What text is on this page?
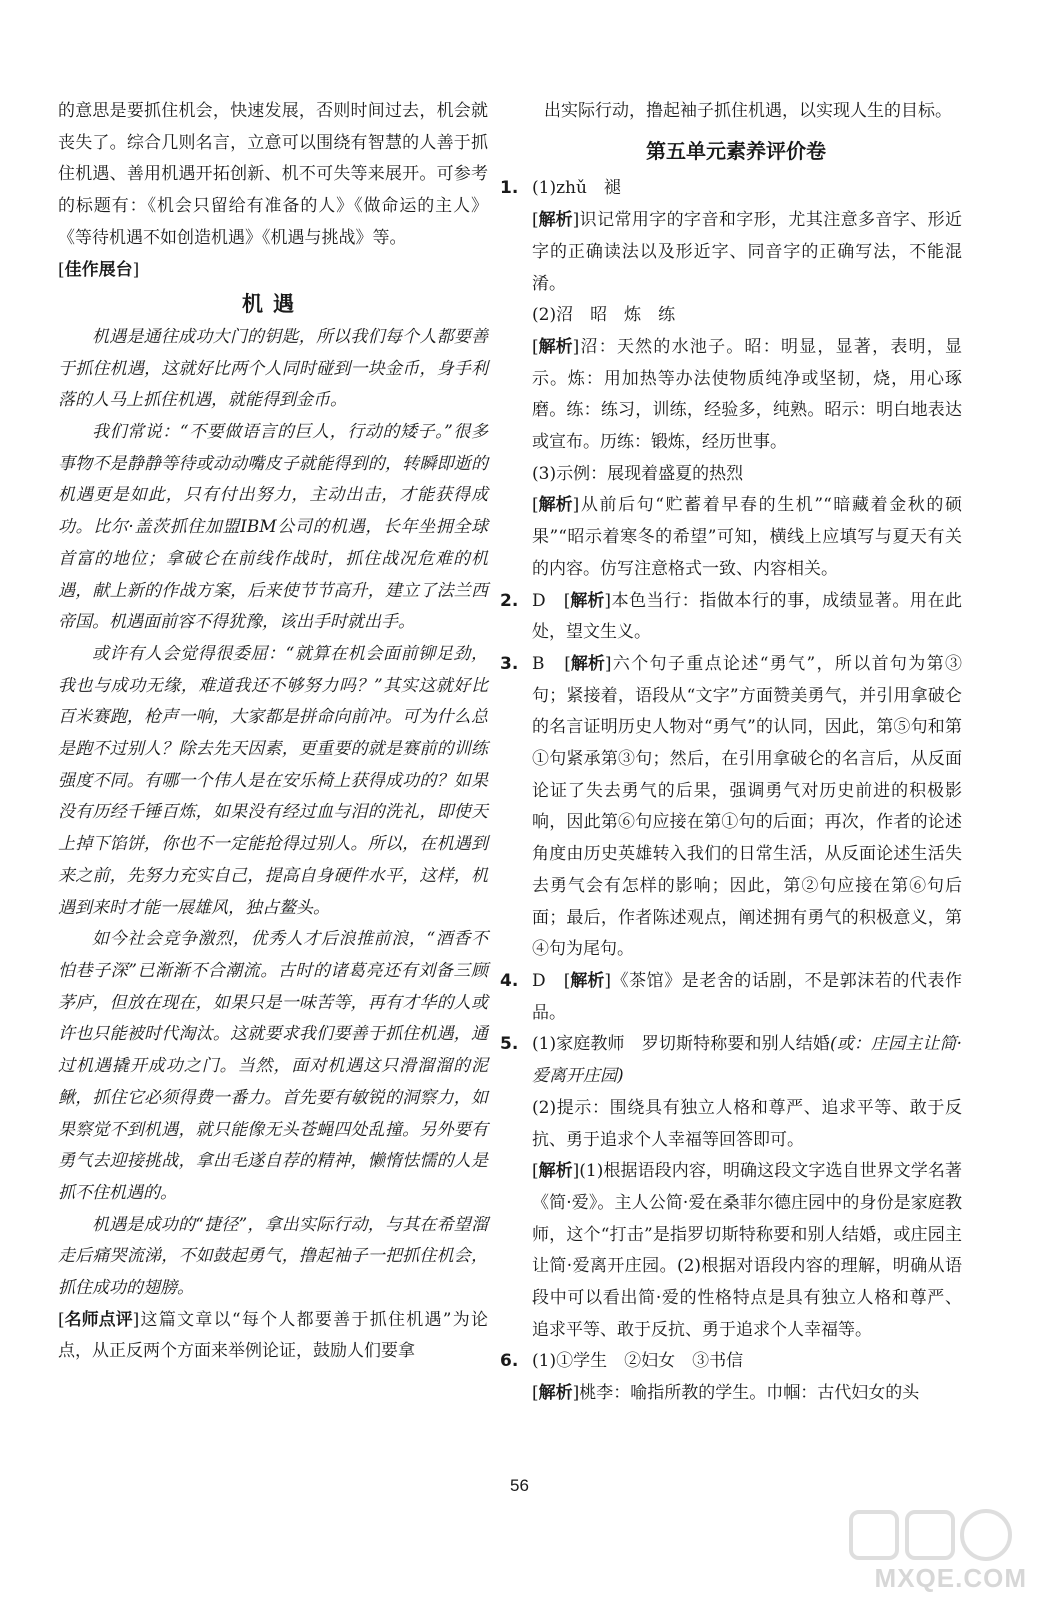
的意思是要抓住机会，快速发展，否则时间过去，机会就丧失了。综合几则名言，立意可以围绕有智慧的人善于抓住机遇、善用机遇开拓创新、机不可失等来展开。可参考的标题有：《机会只留给有准备的人》《做命运的主人》《等待机遇不如创造机遇》《机遇与挑战》等。

[ 佳作展台 ]

机遇

机遇是通往成功大门的钥匙，所以我们每个人都要善于抓住机遇，这就好比两个人同时碰到一块金币，身手利落的人马上抓住机遇，就能得到金币。

我们常说：“不要做语言的巨人，行动的矮子。”很多事物不是静静等待或动动嘴皮子就能得到的，转瞬即逝的机遇更是如此，只有付出努力，主动出击，才能获得成功。比尔·盖茨抓住加盟IBM公司的机遇，长年坐拥全球首富的地位；拿破仑在前线作战时，抓住战况危难的机遇，献上新的作战方案，后来使节节高升，建立了法兰西帝国。机遇面前容不得犹豫，该出手时就出手。

或许有人会觉得很委屈：“就算在机会面前铆足劲，我也与成功无缘，难道我还不够努力吗？”其实这就好比百米赛跑，枪声一响，大家都是拼命向前冲。可为什么总是跑不过别人？除去先天因素，更重要的就是赛前的训练强度不同。有哪一个伟人是在安乐椅上获得成功的？如果没有历经千锤百炼，如果没有经过血与泪的洗礼，即使天上掉下馅饼，你也不一定能抢得过别人。所以，在机遇到来之前，先努力充实自己，提高自身硬件水平，这样，机遇到来时才能一展雄风，独占鳌头。

如今社会竞争激烈，优秀人才后浪推前浪，“酒香不怕巷子深”已渐渐不合潮流。古时的诸葛亮还有刘备三顾茅庐，但放在现在，如果只是一味苦等，再有才华的人或许也只能被时代淘汰。这就要求我们要善于抓住机遇，通过机遇撬开成功之门。当然，面对机遇这只滑溜溜的泥鳅，抓住它必须得费一番力。首先要有敏锐的洞察力，如果察觉不到机遇，就只能像无头苍蝇四处乱撞。另外要有勇气去迎接挑战，拿出毛遂自荐的精神，懒惰怯懦的人是抓不住机遇的。

机遇是成功的“捷径”，拿出实际行动，与其在希望溜走后痛哭流涕，不如鼓起勇气，撸起袖子一把抓住机会，抓住成功的翅膀。

[ 名师点评 ] 这篇文章以“每个人都要善于抓住机遇”为论点，从正反两个方面来举例论证，鼓励人们要拿

出实际行动，撸起袖子抓住机遇，以实现人生的目标。

第五单元素养评价卷
1. (1)zhǔ　褪

[ 解析 ] 识记常用字的字音和字形，尤其注意多音字、形近字的正确读法以及形近字、同音字的正确写法，不能混淆。

(2)沼　昭　炼　练

[ 解析 ] 沼：天然的水池子。昭：明显，显著，表明，显示。炼：用加热等办法使物质纯净或坚韧，烧，用心琢磨。练：练习，训练，经验多，纯熟。昭示：明白地表达或宣布。历练：锻炼，经历世事。

(3)示例：展现着盛夏的热烈

[ 解析 ] 从前后句“贮蓄着早春的生机”“暗藏着金秋的硕果”“昭示着寒冬的希望”可知，横线上应填写与夏天有关的内容。仿写注意格式一致、内容相关。

2. D　 [ 解析 ] 本色当行：指做本行的事，成绩显著。用在此处，望文生义。

3. B　 [ 解析 ] 六个句子重点论述“勇气”，所以首句为第③句；紧接着，语段从“文字”方面赞美勇气，并引用拿破仑的名言证明历史人物对“勇气”的认同，因此，第⑤句和第①句紧承第③句；然后，在引用拿破仑的名言后，从反面论证了失去勇气的后果，强调勇气对历史前进的积极影响，因此第⑥句应接在第①句的后面；再次，作者的论述角度由历史英雄转入我们的日常生活，从反面论述生活失去勇气会有怎样的影响；因此，第②句应接在第⑥句后面；最后，作者陈述观点，阐述拥有勇气的积极意义，第④句为尾句。

4. D　 [ 解析 ] 《茶馆》是老舍的话剧，不是郭沫若的代表作品。

5. (1)家庭教师　罗切斯特称要和别人结婚(或：庄园主让简·爱离开庄园)

(2)提示：围绕具有独立人格和尊严、追求平等、敢于反抗、勇于追求个人幸福等回答即可。

[ 解析 ] (1)根据语段内容，明确这段文字选自世界文学名著《简·爱》。主人公简·爱在桑菲尔德庄园中的身份是家庭教师，这个“打击”是指罗切斯特称要和别人结婚，或庄园主让简·爱离开庄园。(2)根据对语段内容的理解，明确从语段中可以看出简·爱的性格特点是具有独立人格和尊严、追求平等、敢于反抗、勇于追求个人幸福等。

6. (1)①学生　②妇女　③书信

[ 解析 ] 桃李：喻指所教的学生。巾帼：古代妇女的头

56
MXQE.COM
